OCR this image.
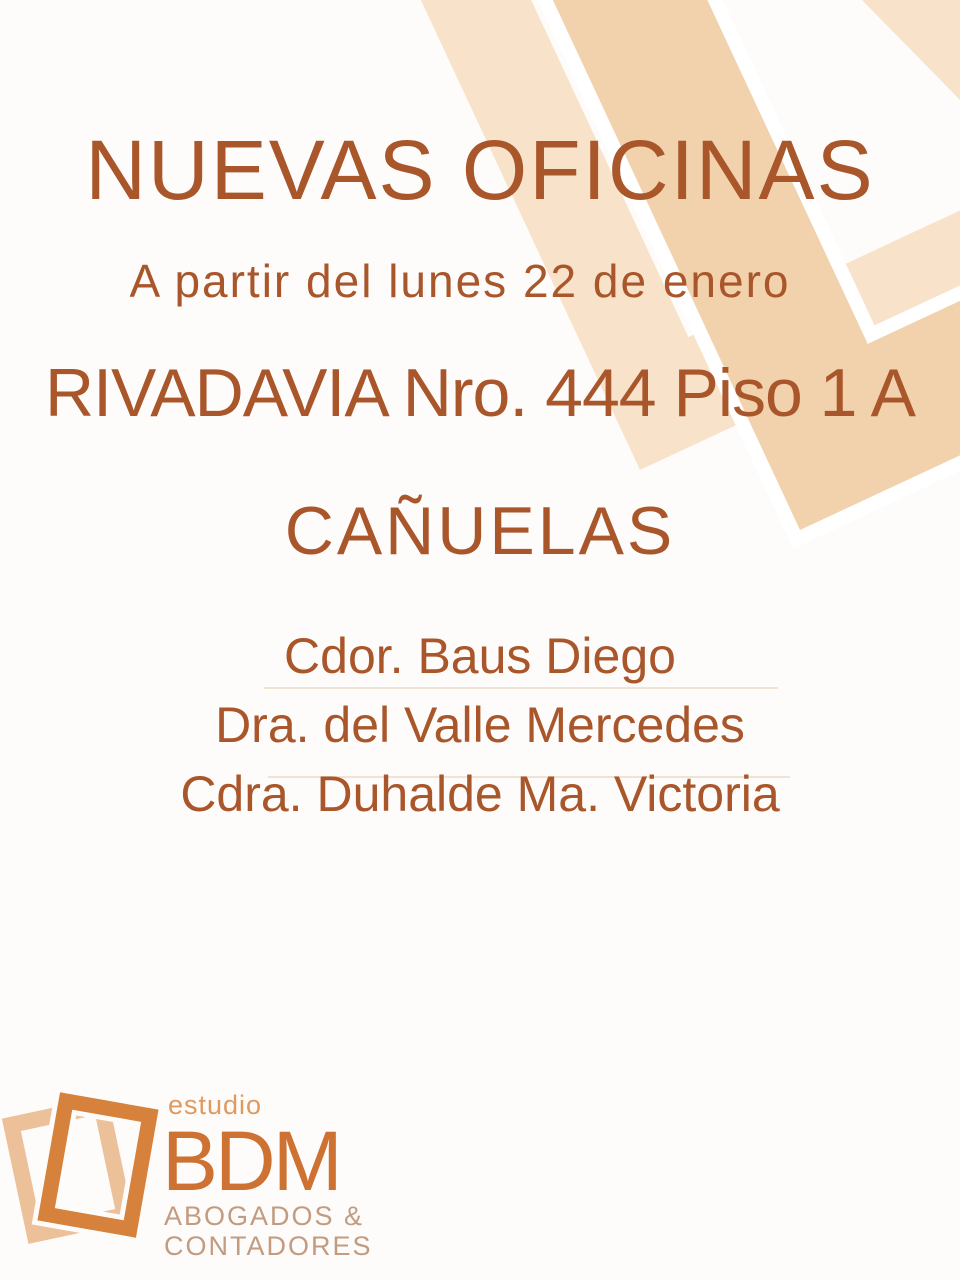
NUEVAS OFICINAS
A partir del lunes 22 de enero
RIVADAVIA Nro. 444 Piso 1 A
CAÑUELAS
Cdor. Baus Diego
Dra. del Valle Mercedes
Cdra. Duhalde Ma. Victoria
estudio
BDM
ABOGADOS &
CONTADORES
